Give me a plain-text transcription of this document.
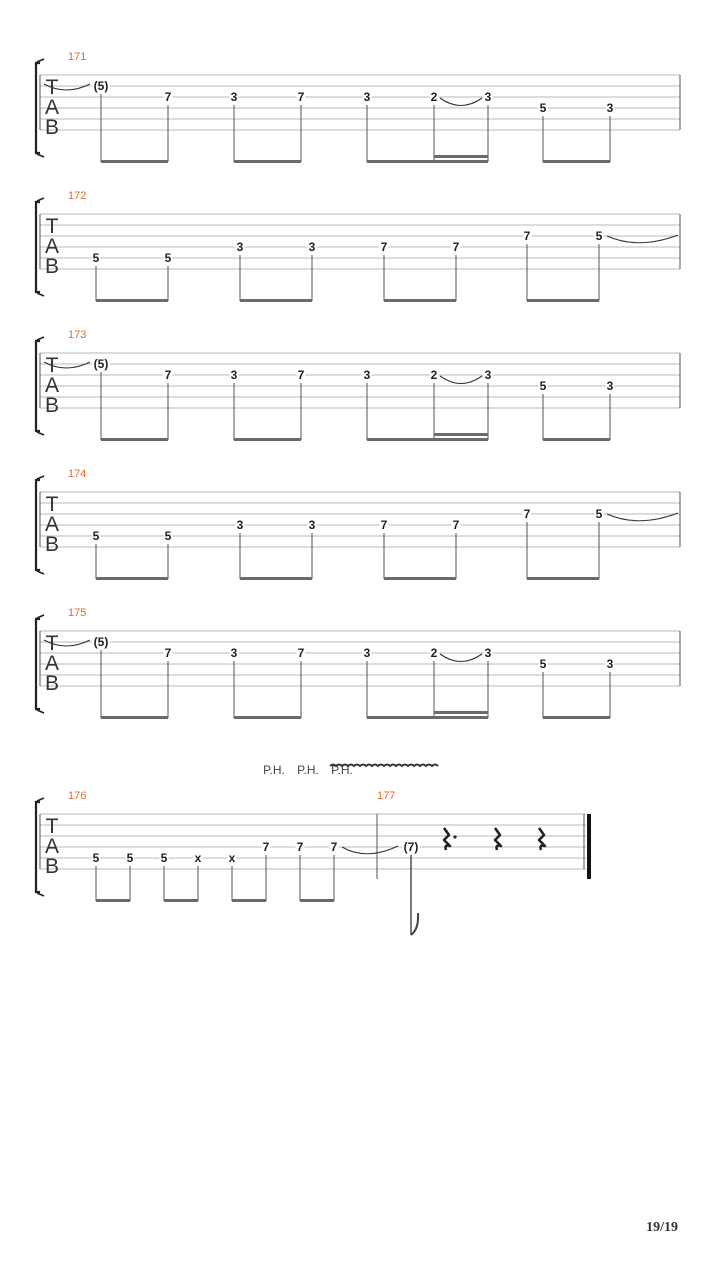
T
A
B
171
(5)
7	3	7	3	2	3
5	3
T
A
B
172
5	5
3	3	7	7
7	5
T
A
B
173
(5)
7	3	7	3	2	3
5	3
T
A
B
174
5	5
3	3	7	7
7	5
T
A
B
175
(5)
7	3	7	3	2	3
5	3
T
A
B
P.H. P.H. P.H.
176
5 5 5 x x
7 7 7
177
(7)
19/19
